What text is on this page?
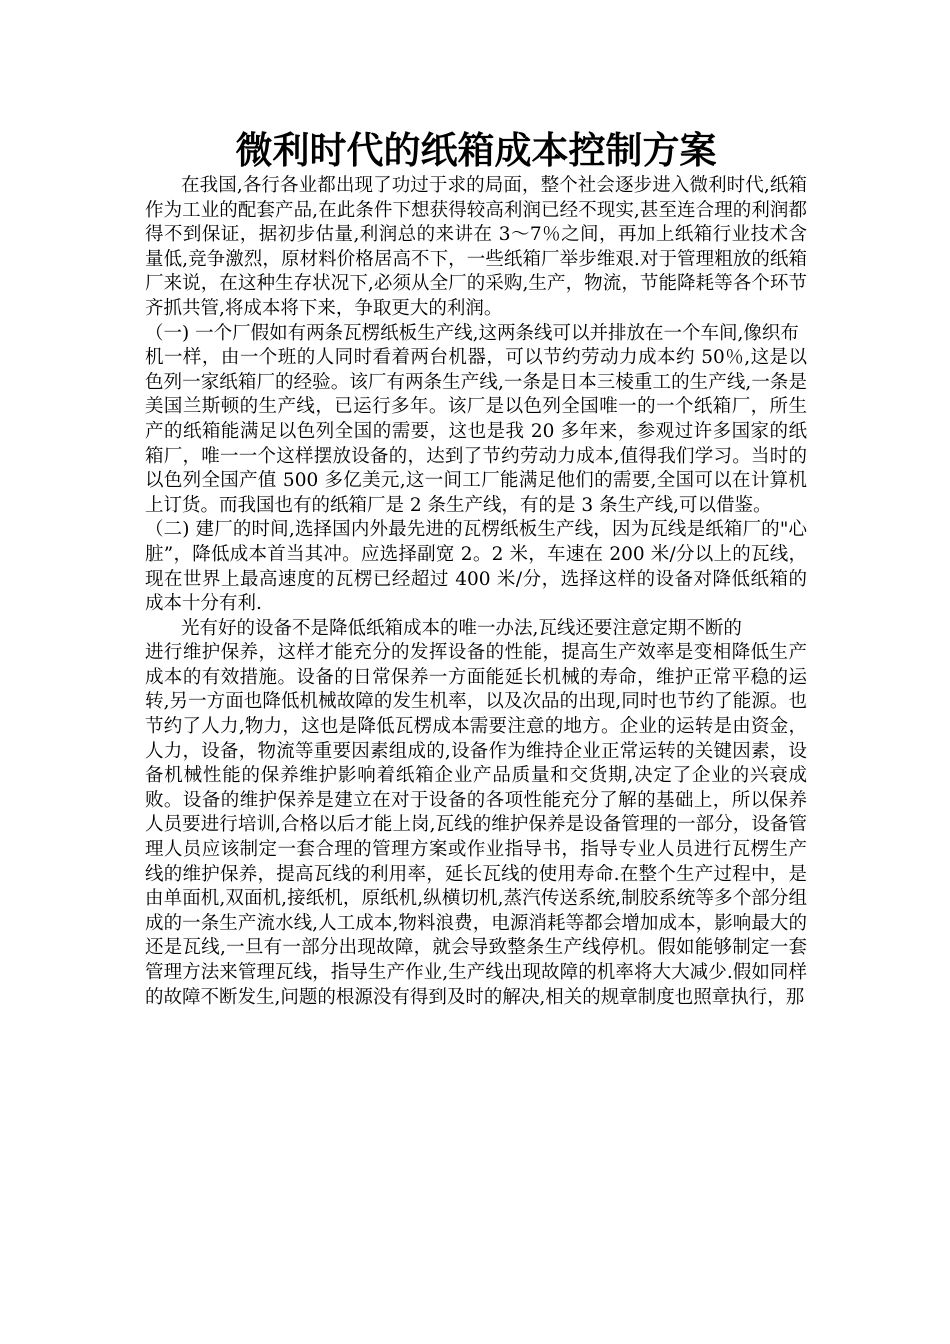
微利时代的纸箱成本控制方案

在我国,各行各业都出现了功过于求的局面，整个社会逐步进入微利时代,纸箱作为工业的配套产品,在此条件下想获得较高利润已经不现实,甚至连合理的利润都得不到保证，据初步估量,利润总的来讲在 3～7％之间，再加上纸箱行业技术含量低,竞争激烈，原材料价格居高不下，一些纸箱厂举步维艰.对于管理粗放的纸箱厂来说，在这种生存状况下,必须从全厂的采购,生产，物流，节能降耗等各个环节齐抓共管,将成本将下来，争取更大的利润。

（一) 一个厂假如有两条瓦楞纸板生产线,这两条线可以并排放在一个车间,像织布

机一样，由一个班的人同时看着两台机器，可以节约劳动力成本约 50％,这是以色列一家纸箱厂的经验。该厂有两条生产线,一条是日本三棱重工的生产线,一条是美国兰斯顿的生产线，已运行多年。该厂是以色列全国唯一的一个纸箱厂，所生产的纸箱能满足以色列全国的需要，这也是我 20 多年来，参观过许多国家的纸箱厂，唯一一个这样摆放设备的，达到了节约劳动力成本,值得我们学习。当时的以色列全国产值 500 多亿美元,这一间工厂能满足他们的需要,全国可以在计算机上订货。而我国也有的纸箱厂是 2 条生产线，有的是 3 条生产线,可以借鉴。

（二) 建厂的时间,选择国内外最先进的瓦楞纸板生产线，因为瓦线是纸箱厂的"心脏”，降低成本首当其冲。应选择副宽 2。2 米，车速在 200 米/分以上的瓦线，现在世界上最高速度的瓦楞已经超过 400 米/分，选择这样的设备对降低纸箱的成本十分有利.

光有好的设备不是降低纸箱成本的唯一办法,瓦线还要注意定期不断的

进行维护保养，这样才能充分的发挥设备的性能，提高生产效率是变相降低生产成本的有效措施。设备的日常保养一方面能延长机械的寿命，维护正常平稳的运转,另一方面也降低机械故障的发生机率，以及次品的出现,同时也节约了能源。也节约了人力,物力，这也是降低瓦楞成本需要注意的地方。企业的运转是由资金，人力，设备，物流等重要因素组成的,设备作为维持企业正常运转的关键因素，设备机械性能的保养维护影响着纸箱企业产品质量和交货期,决定了企业的兴衰成败。设备的维护保养是建立在对于设备的各项性能充分了解的基础上，所以保养人员要进行培训,合格以后才能上岗,瓦线的维护保养是设备管理的一部分，设备管理人员应该制定一套合理的管理方案或作业指导书，指导专业人员进行瓦楞生产线的维护保养，提高瓦线的利用率，延长瓦线的使用寿命.在整个生产过程中，是由单面机,双面机,接纸机，原纸机,纵横切机,蒸汽传送系统,制胶系统等多个部分组成的一条生产流水线,人工成本,物料浪费，电源消耗等都会增加成本，影响最大的还是瓦线,一旦有一部分出现故障，就会导致整条生产线停机。假如能够制定一套管理方法来管理瓦线，指导生产作业,生产线出现故障的机率将大大减少.假如同样的故障不断发生,问题的根源没有得到及时的解决,相关的规章制度也照章执行，那
